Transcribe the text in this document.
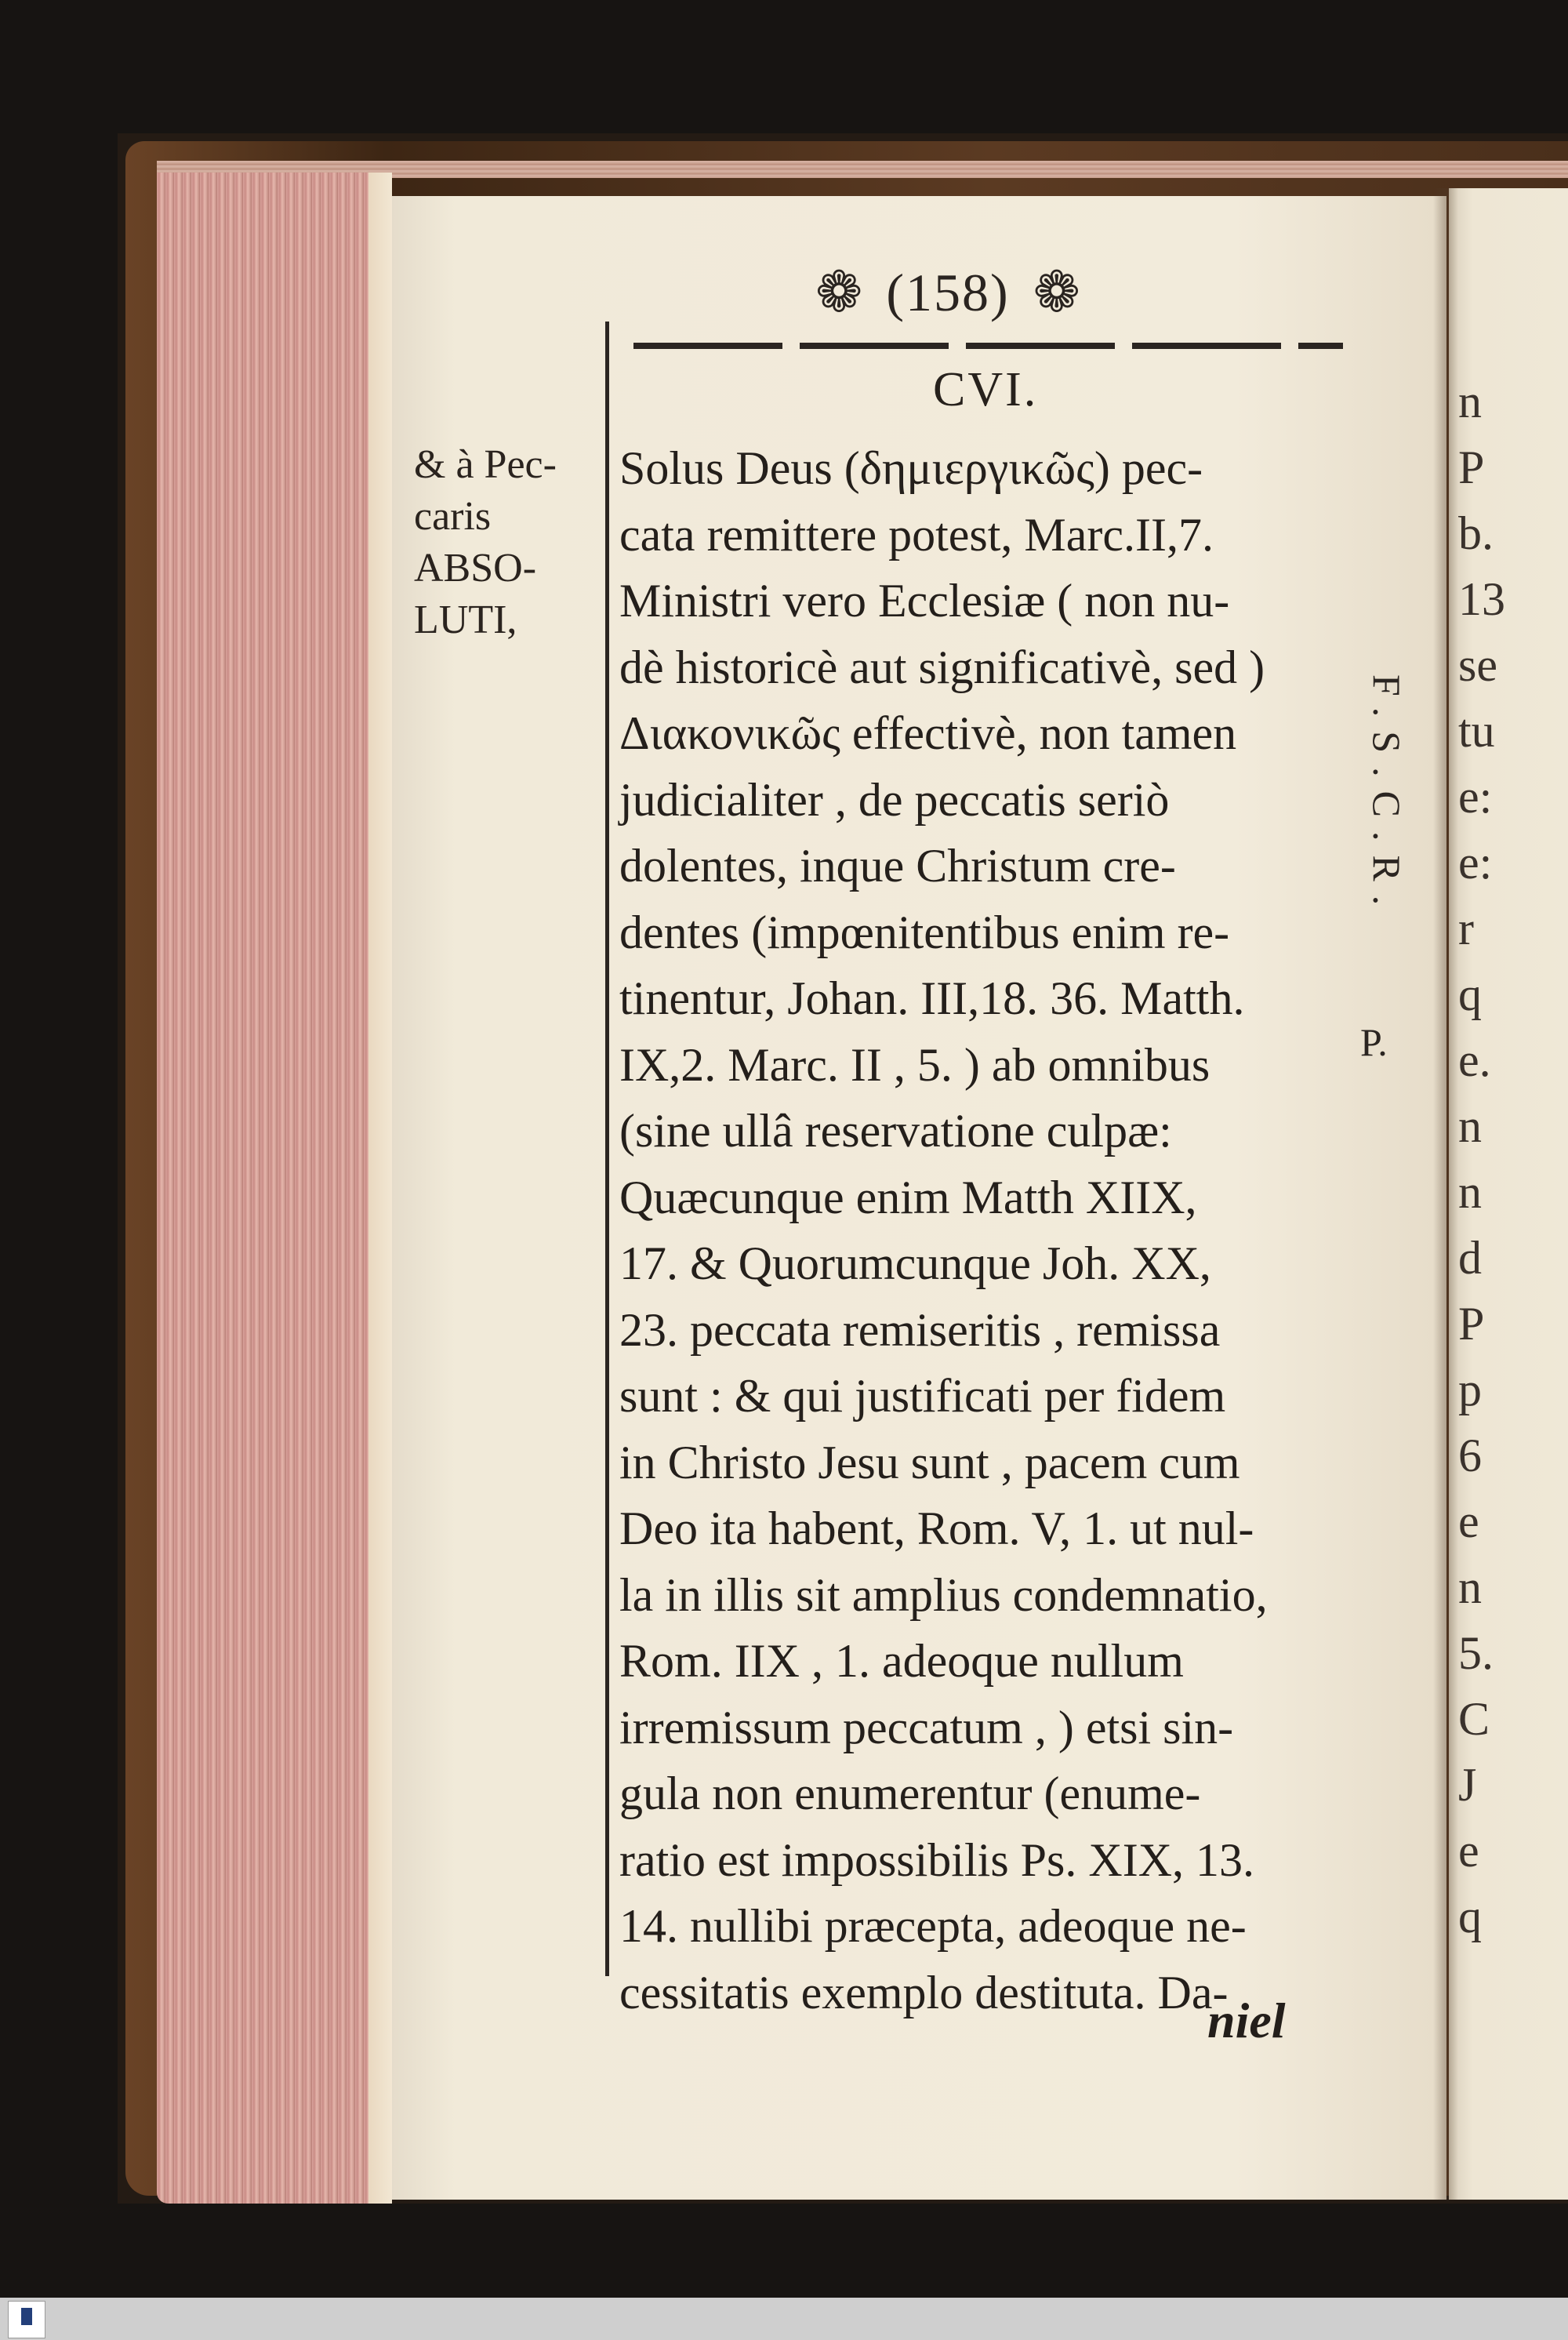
n
P
b.
13
se
tu
e:
e:
r
q
e.
n
n
d
P
p
6
e
n
5.
C
J
e
q
❁ (158) ❁
CVI.
& à Pec-
caris
ABSO-
LUTI,
Solus Deus (δημιεργικῶς) pec-
cata remittere potest, Marc.II,7.
Ministri vero Ecclesiæ ( non nu-
dè historicè aut significativè, sed )
Διακονικῶς effectivè, non tamen
judicialiter , de peccatis seriò
dolentes, inque Christum cre-
dentes (impœnitentibus enim re-
tinentur, Johan. III,18. 36. Matth.
IX,2. Marc. II , 5. ) ab omnibus
(sine ullâ reservatione culpæ:
Quæcunque enim Matth XIIX,
17. & Quorumcunque Joh. XX,
23. peccata remiseritis , remissa
sunt : & qui justificati per fidem
in Christo Jesu sunt , pacem cum
Deo ita habent, Rom. V, 1. ut nul-
la in illis sit amplius condemnatio,
Rom. IIX , 1. adeoque nullum
irremissum peccatum , ) etsi sin-
gula non enumerentur (enume-
ratio est impossibilis Ps. XIX, 13.
14. nullibi præcepta, adeoque ne-
cessitatis exemplo destituta. Da-
F.S.C.R.
P.
niel
